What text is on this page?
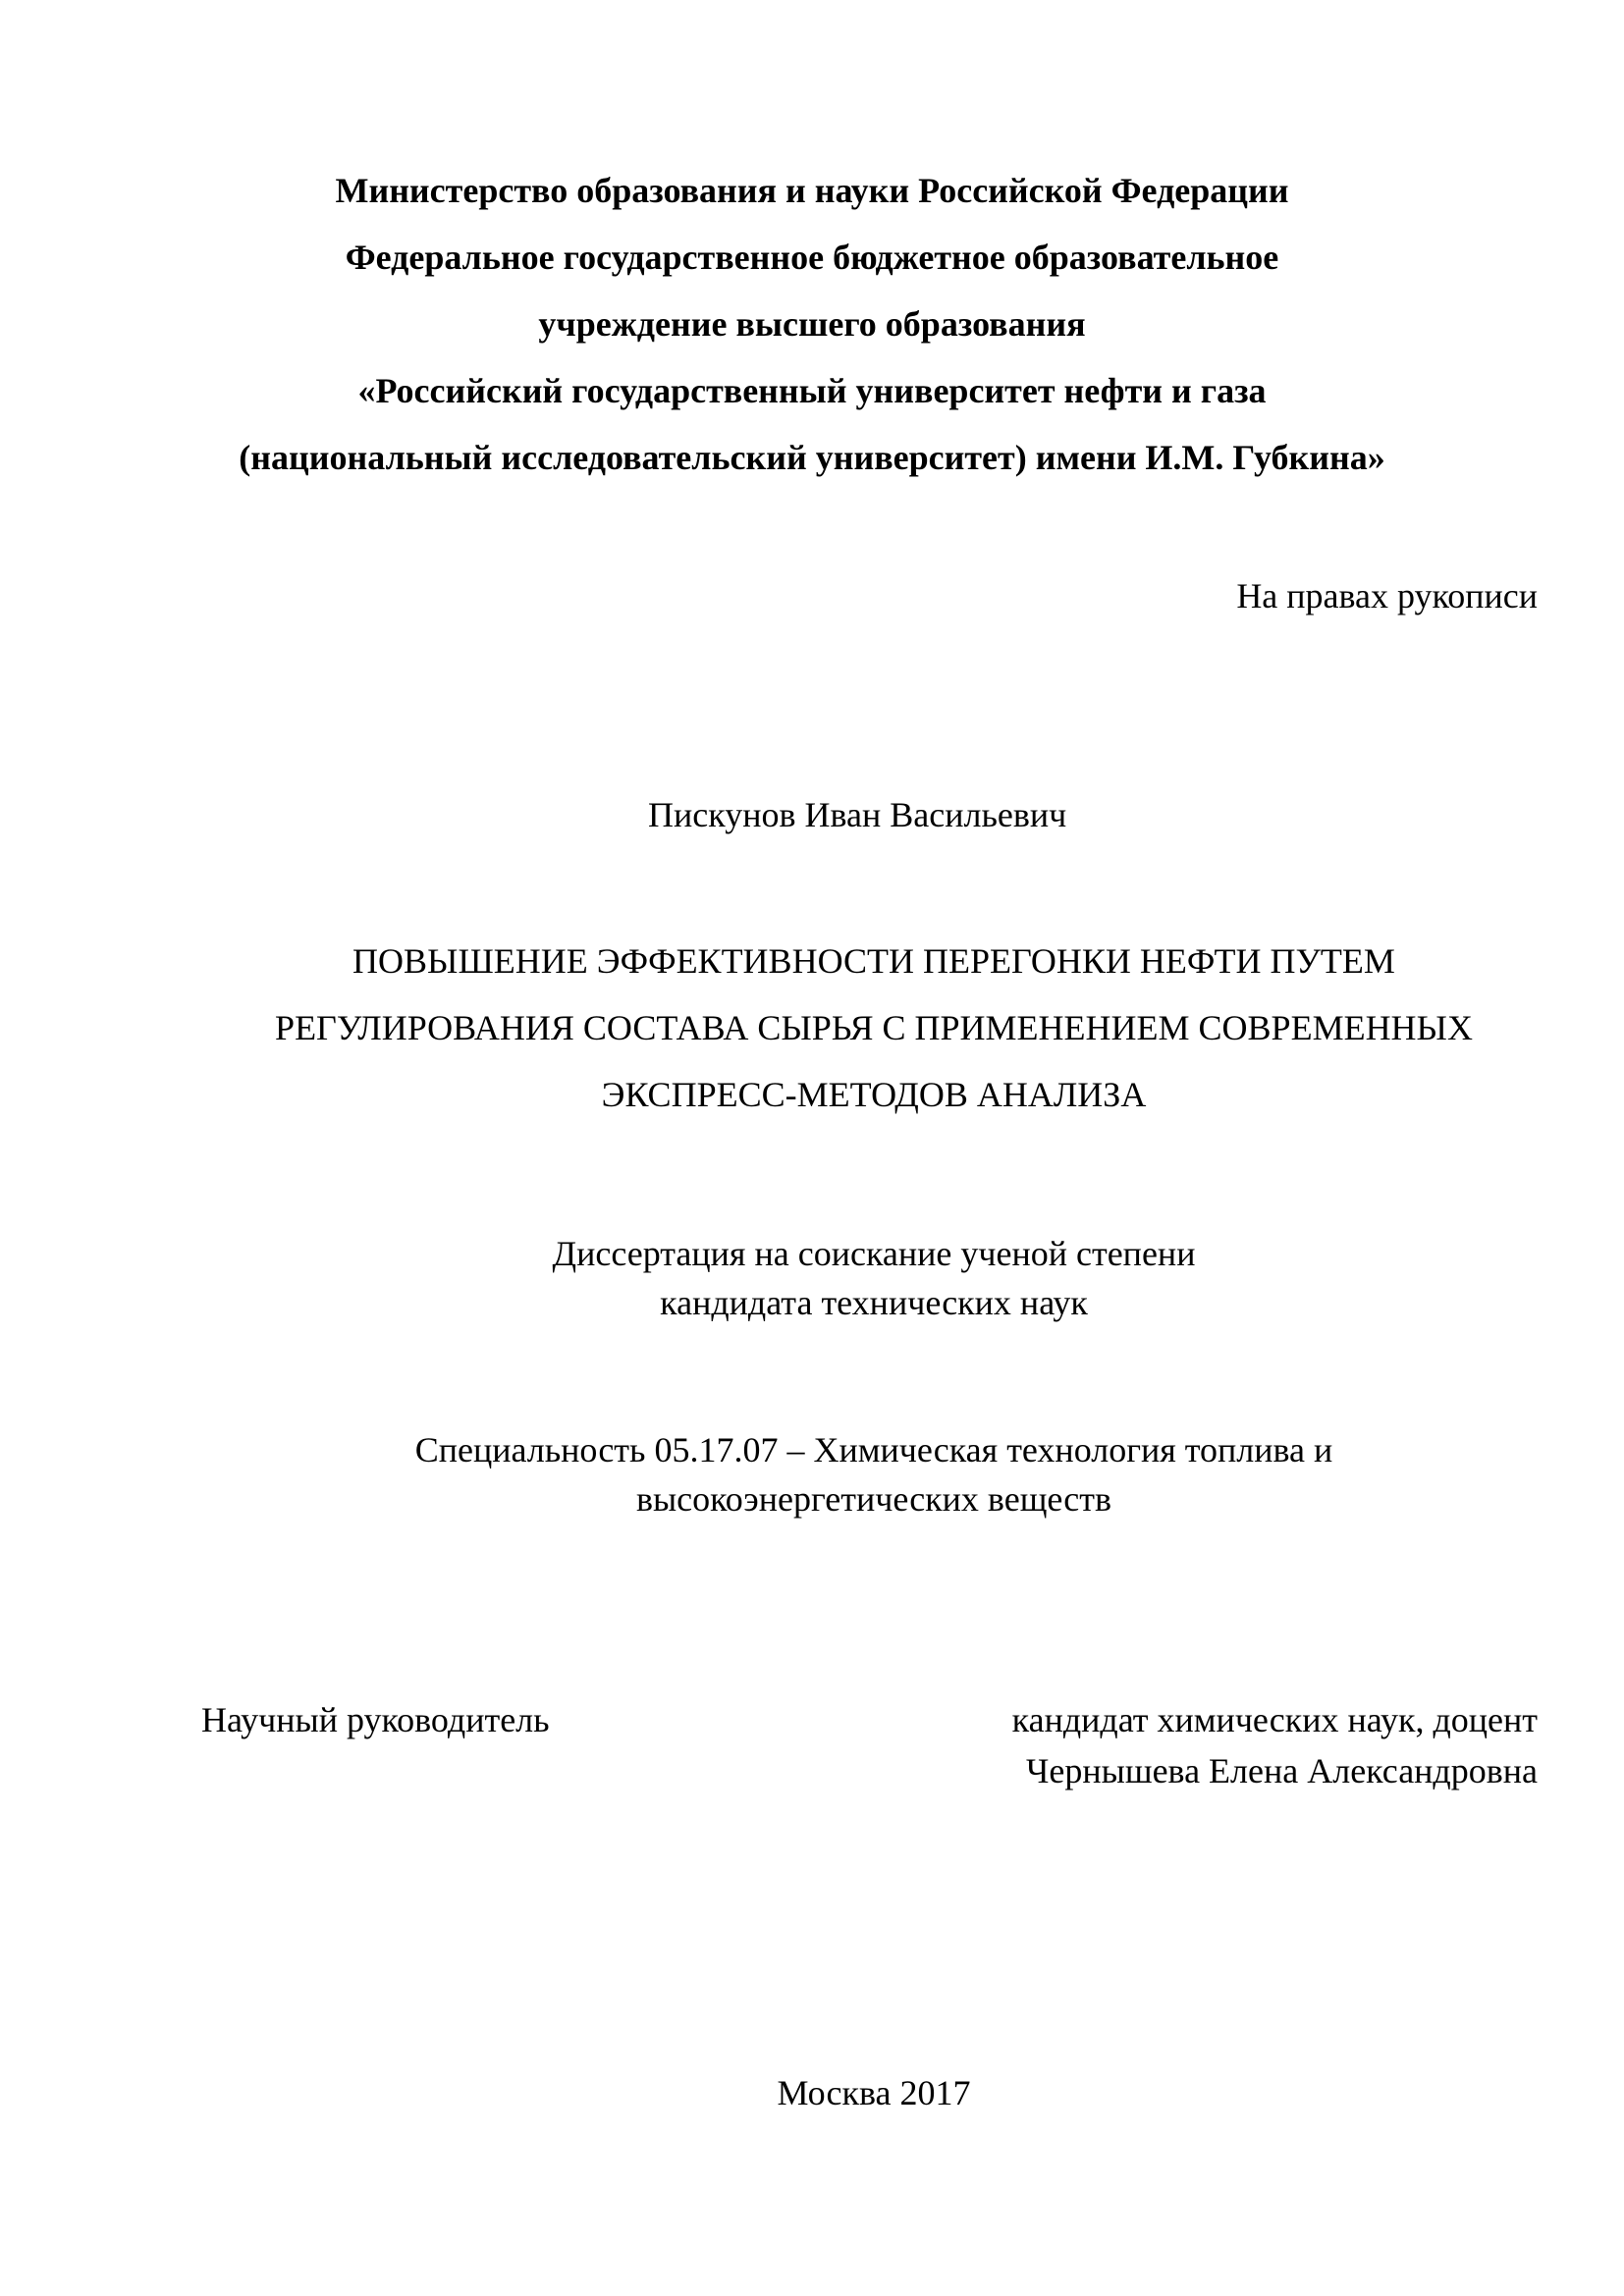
Министерство образования и науки Российской Федерации
Федеральное государственное бюджетное образовательное
учреждение высшего образования
«Российский государственный университет нефти и газа
(национальный исследовательский университет) имени И.М. Губкина»
На правах рукописи
Пискунов Иван Васильевич
ПОВЫШЕНИЕ ЭФФЕКТИВНОСТИ ПЕРЕГОНКИ НЕФТИ ПУТЕМ
РЕГУЛИРОВАНИЯ СОСТАВА СЫРЬЯ С ПРИМЕНЕНИЕМ СОВРЕМЕННЫХ
ЭКСПРЕСС-МЕТОДОВ АНАЛИЗА
Диссертация на соискание ученой степени
кандидата технических наук
Специальность 05.17.07 – Химическая технология топлива и
высокоэнергетических веществ
Научный руководитель	кандидат химических наук, доцент
Чернышева Елена Александровна
Москва 2017
